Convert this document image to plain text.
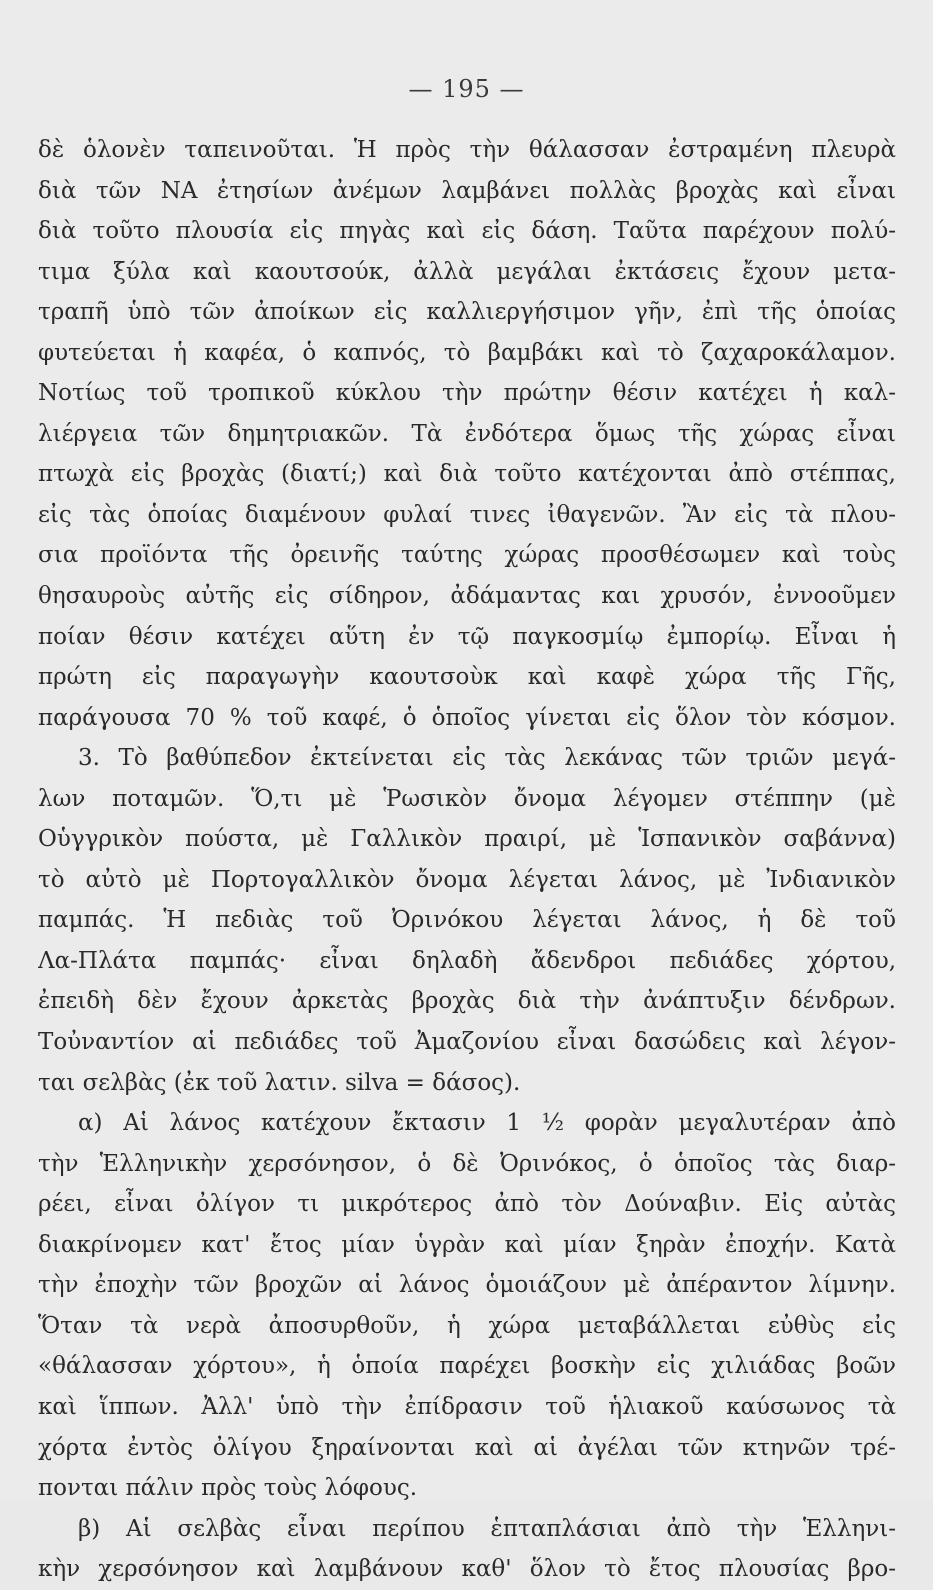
— 195 —
δὲ ὁλονὲν ταπεινοῦται. Ἡ πρὸς τὴν θάλασσαν ἐστραμένη πλευρὰ
διὰ τῶν ΝΑ ἐτησίων ἀνέμων λαμβάνει πολλὰς βροχὰς καὶ εἶναι
διὰ τοῦτο πλουσία εἰς πηγὰς καὶ εἰς δάση. Ταῦτα παρέχουν πολύ-
τιμα ξύλα καὶ καουτσούκ, ἀλλὰ μεγάλαι ἐκτάσεις ἔχουν μετα-
τραπῆ ὑπὸ τῶν ἀποίκων εἰς καλλιεργήσιμον γῆν, ἐπὶ τῆς ὁποίας
φυτεύεται ἡ καφέα, ὁ καπνός, τὸ βαμβάκι καὶ τὸ ζαχαροκάλαμον.
Νοτίως τοῦ τροπικοῦ κύκλου τὴν πρώτην θέσιν κατέχει ἡ καλ-
λιέργεια τῶν δημητριακῶν. Τὰ ἐνδότερα ὅμως τῆς χώρας εἶναι
πτωχὰ εἰς βροχὰς (διατί;) καὶ διὰ τοῦτο κατέχονται ἀπὸ στέππας,
εἰς τὰς ὁποίας διαμένουν φυλαί τινες ἰθαγενῶν. Ἂν εἰς τὰ πλου-
σια προϊόντα τῆς ὀρεινῆς ταύτης χώρας προσθέσωμεν καὶ τοὺς
θησαυροὺς αὐτῆς εἰς σίδηρον, ἀδάμαντας και χρυσόν, ἐννοοῦμεν
ποίαν θέσιν κατέχει αὕτη ἐν τῷ παγκοσμίῳ ἐμπορίῳ. Εἶναι ἡ
πρώτη εἰς παραγωγὴν καουτσοὺκ καὶ καφὲ χώρα τῆς Γῆς,
παράγουσα 70 % τοῦ καφέ, ὁ ὁποῖος γίνεται εἰς ὅλον τὸν κόσμον.
3. Τὸ βαθύπεδον ἐκτείνεται εἰς τὰς λεκάνας τῶν τριῶν μεγά-
λων ποταμῶν. Ὅ,τι μὲ Ῥωσικὸν ὄνομα λέγομεν στέππην (μὲ
Οὑγγρικὸν πούστα, μὲ Γαλλικὸν πραιρί, μὲ Ἱσπανικὸν σαβάννα)
τὸ αὐτὸ μὲ Πορτογαλλικὸν ὄνομα λέγεται λάνος, μὲ Ἰνδιανικὸν
παμπάς. Ἡ πεδιὰς τοῦ Ὀρινόκου λέγεται λάνος, ἡ δὲ τοῦ
Λα-Πλάτα παμπάς· εἶναι δηλαδὴ ἄδενδροι πεδιάδες χόρτου,
ἐπειδὴ δὲν ἔχουν ἀρκετὰς βροχὰς διὰ τὴν ἀνάπτυξιν δένδρων.
Τοὐναντίον αἱ πεδιάδες τοῦ Ἀμαζονίου εἶναι δασώδεις καὶ λέγον-
ται σελβὰς (ἐκ τοῦ λατιν. silva = δάσος).
α) Αἱ λάνος κατέχουν ἔκτασιν 1 ½ φορὰν μεγαλυτέραν ἀπὸ
τὴν Ἑλληνικὴν χερσόνησον, ὁ δὲ Ὀρινόκος, ὁ ὁποῖος τὰς διαρ-
ρέει, εἶναι ὀλίγον τι μικρότερος ἀπὸ τὸν Δούναβιν. Εἰς αὐτὰς
διακρίνομεν κατ' ἔτος μίαν ὑγρὰν καὶ μίαν ξηρὰν ἐποχήν. Κατὰ
τὴν ἐποχὴν τῶν βροχῶν αἱ λάνος ὁμοιάζουν μὲ ἀπέραντον λίμνην.
Ὅταν τὰ νερὰ ἀποσυρθοῦν, ἡ χώρα μεταβάλλεται εὐθὺς εἰς
«θάλασσαν χόρτου», ἡ ὁποία παρέχει βοσκὴν εἰς χιλιάδας βοῶν
καὶ ἵππων. Ἀλλ' ὑπὸ τὴν ἐπίδρασιν τοῦ ἡλιακοῦ καύσωνος τὰ
χόρτα ἐντὸς ὀλίγου ξηραίνονται καὶ αἱ ἀγέλαι τῶν κτηνῶν τρέ-
πονται πάλιν πρὸς τοὺς λόφους.
β) Αἱ σελβὰς εἶναι περίπου ἑπταπλάσιαι ἀπὸ τὴν Ἑλληνι-
κὴν χερσόνησον καὶ λαμβάνουν καθ' ὅλον τὸ ἔτος πλουσίας βρο-
